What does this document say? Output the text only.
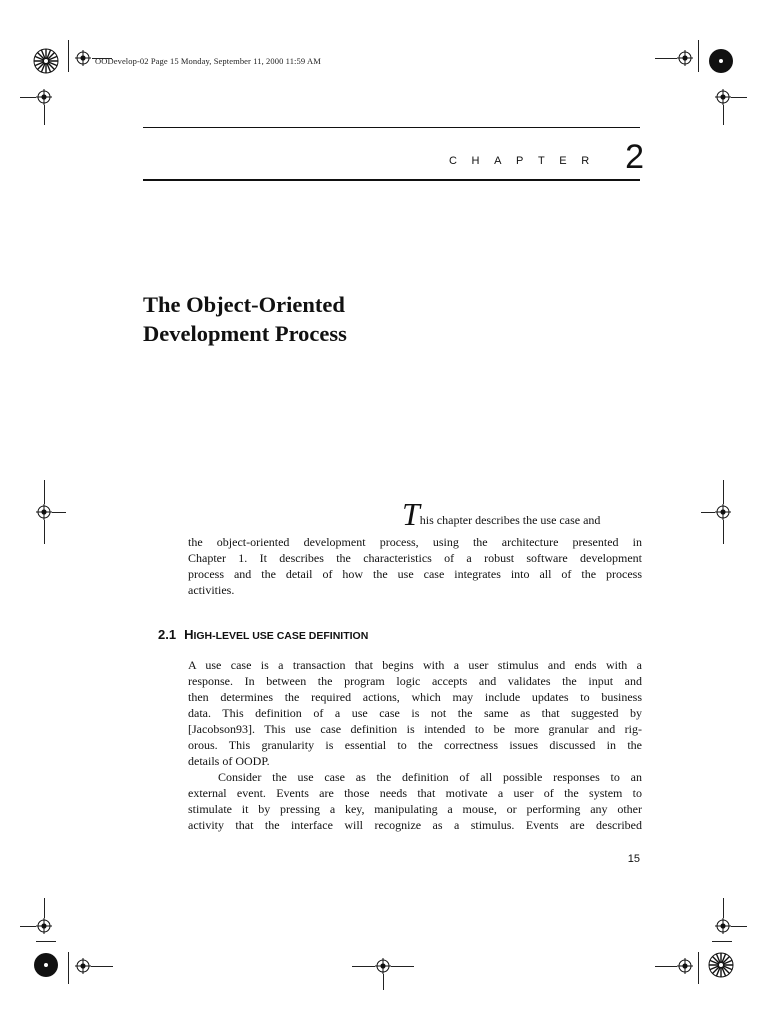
OODevelop-02 Page 15 Monday, September 11, 2000 11:59 AM
CHAPTER 2
The Object-Oriented
Development Process
This chapter describes the use case and
the object-oriented development process, using the architecture presented in
Chapter 1. It describes the characteristics of a robust software development
process and the detail of how the use case integrates into all of the process
activities.
2.1 HIGH-LEVEL USE CASE DEFINITION

A use case is a transaction that begins with a user stimulus and ends with a
response. In between the program logic accepts and validates the input and
then determines the required actions, which may include updates to business
data. This definition of a use case is not the same as that suggested by
[Jacobson93]. This use case definition is intended to be more granular and rig-
orous. This granularity is essential to the correctness issues discussed in the
details of OODP.

Consider the use case as the definition of all possible responses to an
external event. Events are those needs that motivate a user of the system to
stimulate it by pressing a key, manipulating a mouse, or performing any other
activity that the interface will recognize as a stimulus. Events are described

15
